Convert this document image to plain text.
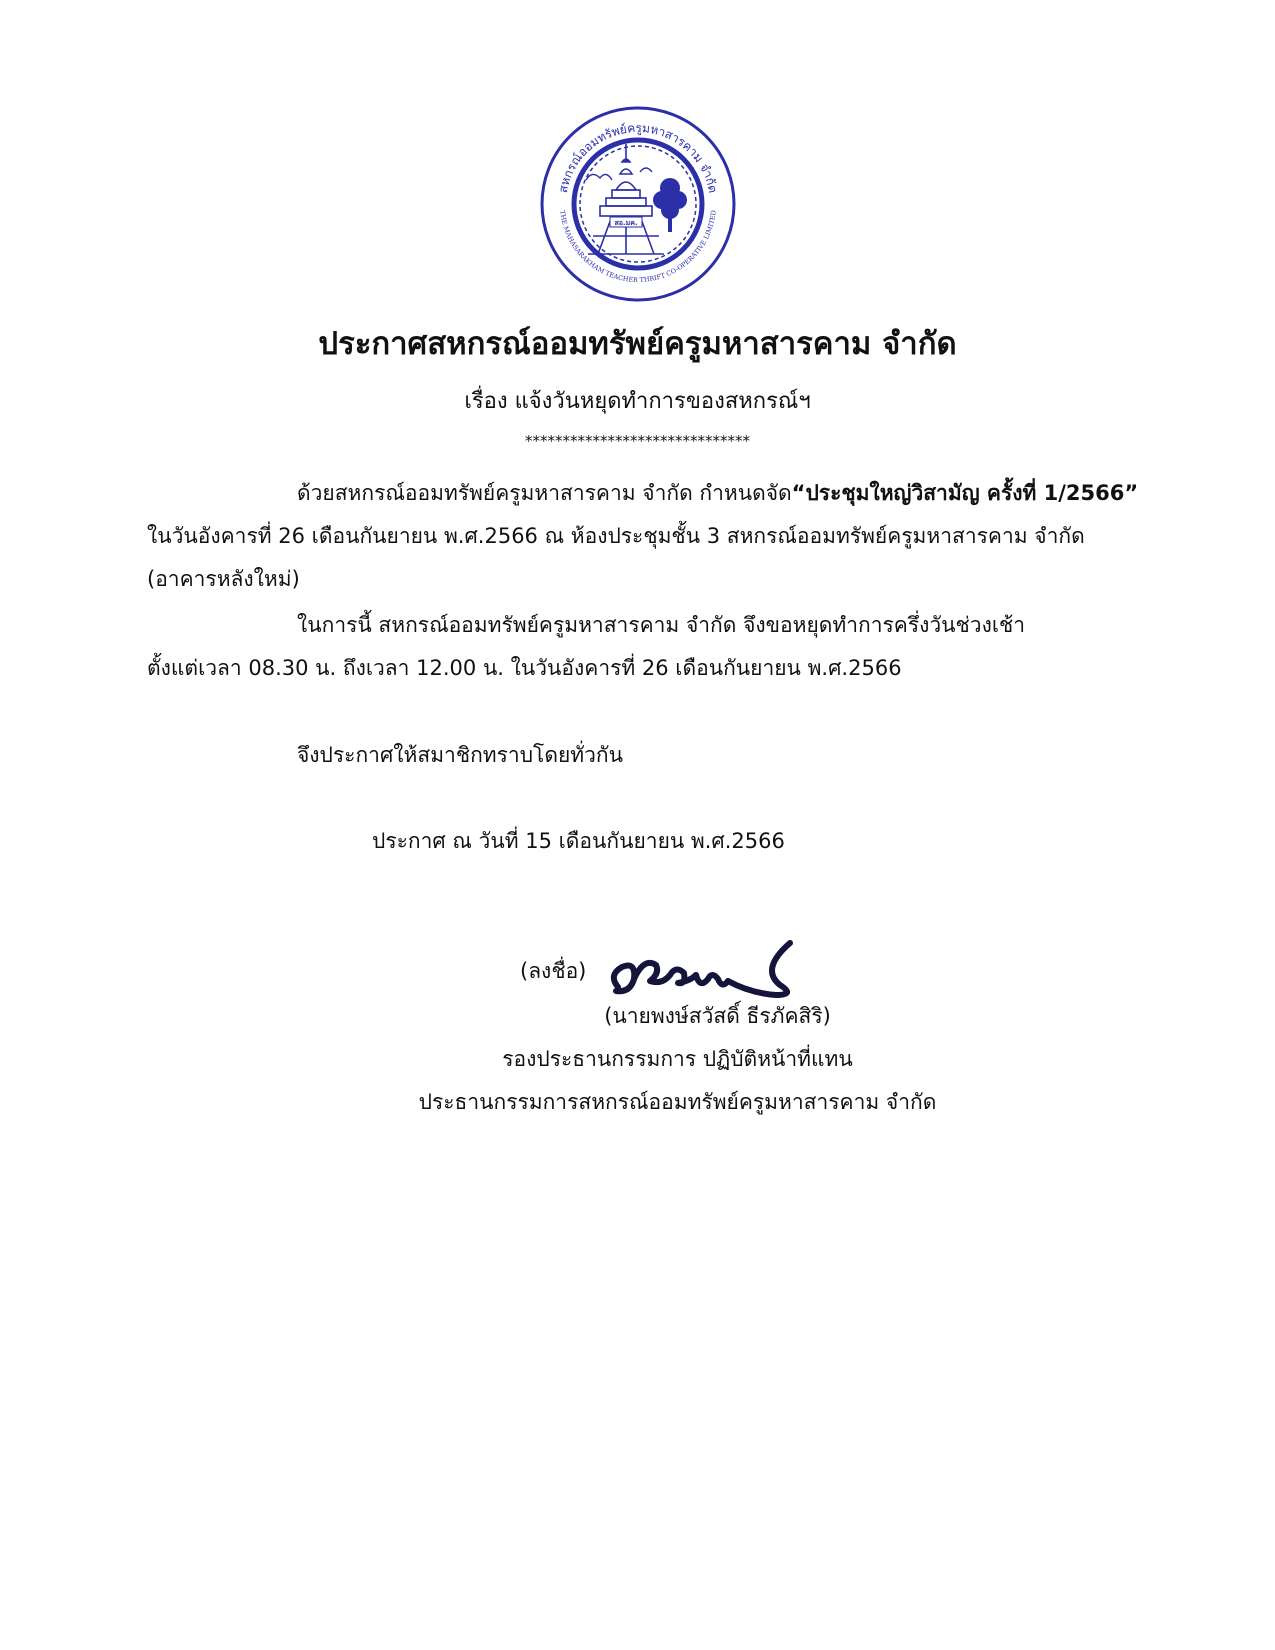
สหกรณ์ออมทรัพย์ครูมหาสารคาม จำกัด
THE MAHASARAKHAM TEACHER THRIFT CO-OPERATIVE LIMITED
สอ.มค.
ประกาศสหกรณ์ออมทรัพย์ครูมหาสารคาม จำกัด
เรื่อง แจ้งวันหยุดทำการของสหกรณ์ฯ
******************************
ด้วยสหกรณ์ออมทรัพย์ครูมหาสารคาม จำกัด กำหนดจัด“ประชุมใหญ่วิสามัญ ครั้งที่ 1/2566”
ในวันอังคารที่ 26 เดือนกันยายน พ.ศ.2566 ณ ห้องประชุมชั้น 3 สหกรณ์ออมทรัพย์ครูมหาสารคาม จำกัด
(อาคารหลังใหม่)
ในการนี้ สหกรณ์ออมทรัพย์ครูมหาสารคาม จำกัด จึงขอหยุดทำการครึ่งวันช่วงเช้า
ตั้งแต่เวลา 08.30 น. ถึงเวลา 12.00 น. ในวันอังคารที่ 26 เดือนกันยายน พ.ศ.2566
จึงประกาศให้สมาชิกทราบโดยทั่วกัน
ประกาศ ณ วันที่ 15 เดือนกันยายน พ.ศ.2566
(ลงชื่อ)
(นายพงษ์สวัสดิ์ ธีรภัคสิริ)
รองประธานกรรมการ ปฏิบัติหน้าที่แทน
ประธานกรรมการสหกรณ์ออมทรัพย์ครูมหาสารคาม จำกัด
